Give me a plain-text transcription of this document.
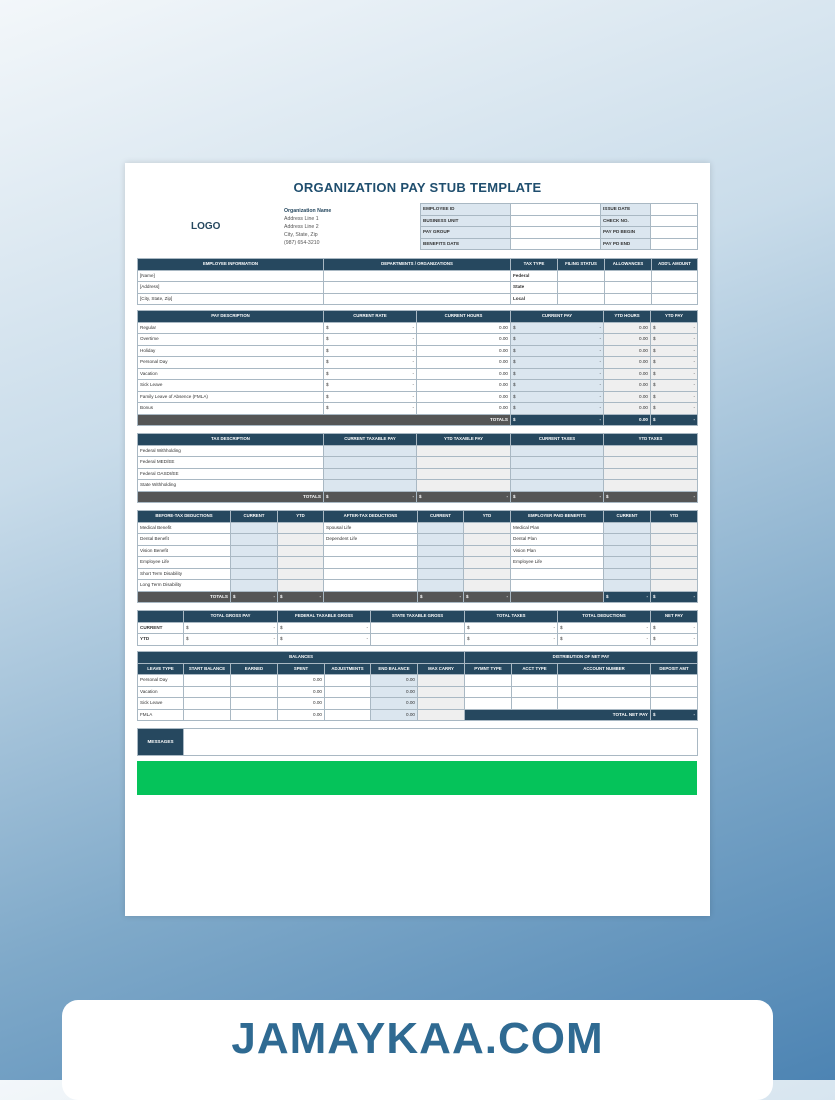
ORGANIZATION PAY STUB TEMPLATE
LOGO
Organization Name
Address Line 1
Address Line 2
City, State, Zip
(987) 654-3210
EMPLOYEE ID		ISSUE DATE	
BUSINESS UNIT		CHECK NO.	
PAY GROUP		PAY PD BEGIN	
BENEFITS DATE		PAY PD END	
EMPLOYEE INFORMATION	DEPARTMENTS / ORGANIZATIONS	TAX TYPE	FILING STATUS	ALLOWANCES	ADD'L AMOUNT
[Name]		Federal			
[Address]		State			
[City, State, Zip]		Local			
PAY DESCRIPTION	CURRENT RATE	CURRENT HOURS	CURRENT PAY	YTD HOURS	YTD PAY
Regular	$ -	0.00	$ -	0.00	$ -

Overtime	$ -	0.00	$ -	0.00	$ -

Holiday	$ -	0.00	$ -	0.00	$ -

Personal Day	$ -	0.00	$ -	0.00	$ -

Vacation	$ -	0.00	$ -	0.00	$ -

Sick Leave	$ -	0.00	$ -	0.00	$ -

Family Leave of Absence (FMLA)	$ -	0.00	$ -	0.00	$ -

Bonus	$ -	0.00	$ -	0.00	$ -

TOTALS			$ -	0.00	$ -
TAX DESCRIPTION	CURRENT TAXABLE PAY	YTD TAXABLE PAY	CURRENT TAXES	YTD TAXES
Federal Withholding				
Federal MED/EE				
Federal OASDI/EE				
State Withholding				
TOTALS	$ -	$ -	$ -	$ -
BEFORE-TAX DEDUCTIONS	CURRENT	YTD	AFTER-TAX DEDUCTIONS	CURRENT	YTD	EMPLOYER PAID BENEFITS	CURRENT	YTD
Medical Benefit			Spousal Life			Medical Plan		
Dental Benefit			Dependent Life			Dental Plan		
Vision Benefit						Vision Plan		
Employee Life						Employee Life		
Short Term Disability								
Long Term Disability								
TOTALS	$ -	$ -		$ -	$ -		$ -	$ -
	TOTAL GROSS PAY	FEDERAL TAXABLE GROSS	STATE TAXABLE GROSS	TOTAL TAXES	TOTAL DEDUCTIONS	NET PAY
CURRENT	$ -	$ -		$ -	$ -	$ -

YTD	$ -	$ -		$ -	$ -	$ -
BALANCES							DISTRIBUTION OF NET PAY			
LEAVE TYPE	START BALANCE	EARNED	SPENT	ADJUSTMENTS	END BALANCE	MAX CARRY	PYMNT TYPE	ACCT TYPE	ACCOUNT NUMBER	DEPOSIT AMT
Personal Day			0.00		0.00					
Vacation			0.00		0.00					
Sick Leave			0.00		0.00					
FMLA			0.00		0.00		TOTAL NET PAY			$ -
MESSAGES	
JAMAYKAA.COM
